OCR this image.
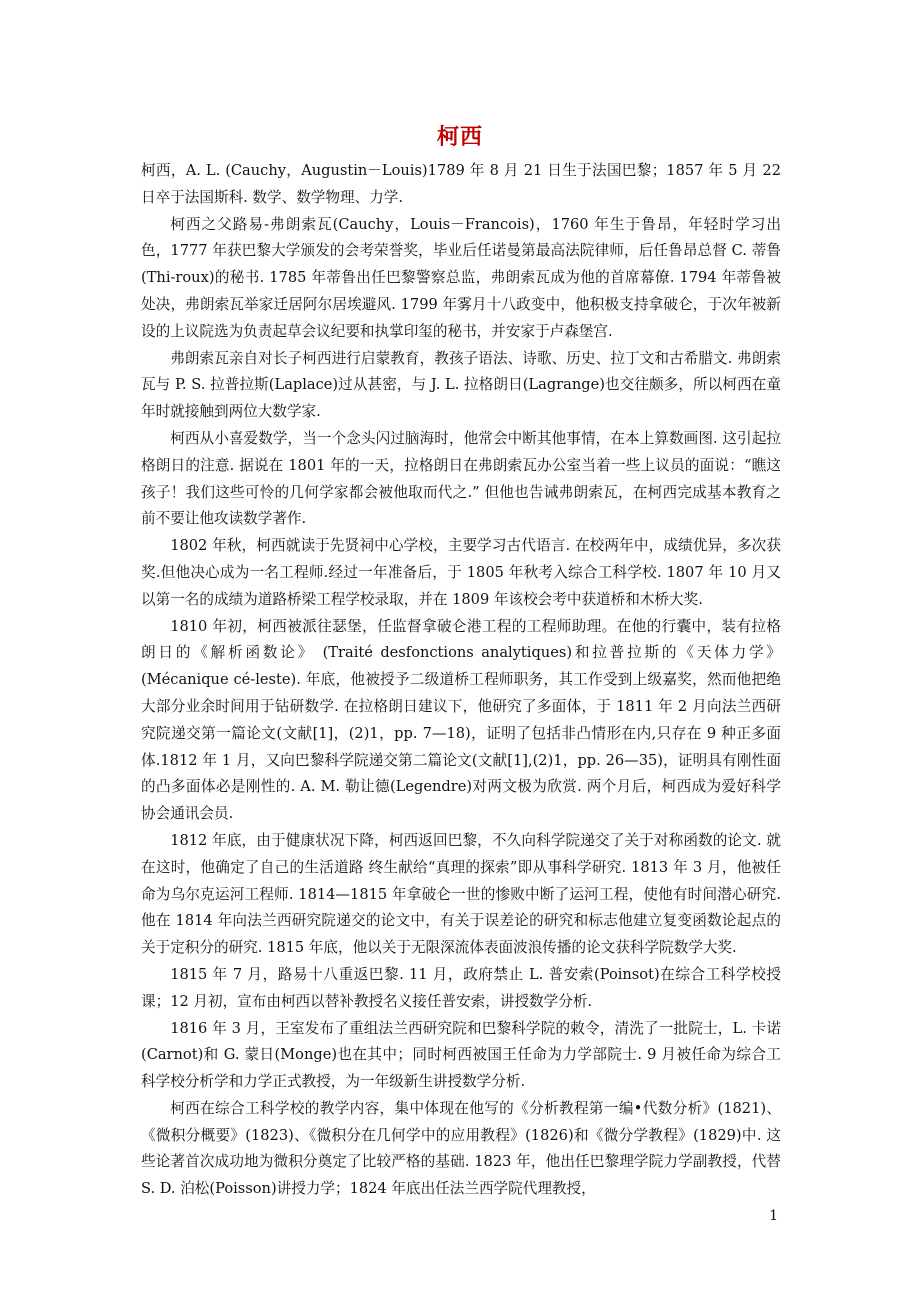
柯西

柯西，A. L. (Cauchy，Augustin－Louis)1789 年 8 月 21 日生于法国巴黎；1857 年 5 月 22 日卒于法国斯科. 数学、数学物理、力学.

柯西之父路易-弗朗索瓦(Cauchy，Louis－Francois)，1760 年生于鲁昂，年轻时学习出色，1777 年获巴黎大学颁发的会考荣誉奖，毕业后任诺曼第最高法院律师，后任鲁昂总督 C. 蒂鲁(Thi-roux)的秘书. 1785 年蒂鲁出任巴黎警察总监，弗朗索瓦成为他的首席幕僚. 1794 年蒂鲁被处决，弗朗索瓦举家迁居阿尔居埃避风. 1799 年雾月十八政变中，他积极支持拿破仑，于次年被新设的上议院选为负责起草会议纪要和执掌印玺的秘书，并安家于卢森堡宫.

弗朗索瓦亲自对长子柯西进行启蒙教育，教孩子语法、诗歌、历史、拉丁文和古希腊文. 弗朗索瓦与 P. S. 拉普拉斯(Laplace)过从甚密，与 J. L. 拉格朗日(Lagrange)也交往颇多，所以柯西在童年时就接触到两位大数学家.

柯西从小喜爱数学，当一个念头闪过脑海时，他常会中断其他事情，在本上算数画图. 这引起拉格朗日的注意. 据说在 1801 年的一天，拉格朗日在弗朗索瓦办公室当着一些上议员的面说：“瞧这孩子！我们这些可怜的几何学家都会被他取而代之.” 但他也告诫弗朗索瓦，在柯西完成基本教育之前不要让他攻读数学著作.

1802 年秋，柯西就读于先贤祠中心学校，主要学习古代语言. 在校两年中，成绩优异，多次获奖.但他决心成为一名工程师.经过一年准备后，于 1805 年秋考入综合工科学校. 1807 年 10 月又以第一名的成绩为道路桥梁工程学校录取，并在 1809 年该校会考中获道桥和木桥大奖.

1810 年初，柯西被派往瑟堡，任监督拿破仑港工程的工程师助理。在他的行囊中，装有拉格朗日的《解析函数论》 (Traité desfonctions analytiques)和拉普拉斯的《天体力学》(Mécanique cé-leste). 年底，他被授予二级道桥工程师职务，其工作受到上级嘉奖，然而他把绝大部分业余时间用于钻研数学. 在拉格朗日建议下，他研究了多面体，于 1811 年 2 月向法兰西研究院递交第一篇论文(文献[1]，(2)1，pp. 7—18)，证明了包括非凸情形在内,只存在 9 种正多面体.1812 年 1 月，又向巴黎科学院递交第二篇论文(文献[1],(2)1，pp. 26—35)，证明具有刚性面的凸多面体必是刚性的. A. M. 勒让德(Legendre)对两文极为欣赏. 两个月后，柯西成为爱好科学协会通讯会员.

1812 年底，由于健康状况下降，柯西返回巴黎，不久向科学院递交了关于对称函数的论文. 就在这时，他确定了自己的生活道路 终生献给“真理的探索”即从事科学研究. 1813 年 3 月，他被任命为乌尔克运河工程师. 1814—1815 年拿破仑一世的惨败中断了运河工程，使他有时间潜心研究. 他在 1814 年向法兰西研究院递交的论文中，有关于误差论的研究和标志他建立复变函数论起点的关于定积分的研究. 1815 年底，他以关于无限深流体表面波浪传播的论文获科学院数学大奖.

1815 年 7 月，路易十八重返巴黎. 11 月，政府禁止 L. 普安索(Poinsot)在综合工科学校授课；12 月初，宣布由柯西以替补教授名义接任普安索，讲授数学分析.

1816 年 3 月，王室发布了重组法兰西研究院和巴黎科学院的敕令，清洗了一批院士，L. 卡诺(Carnot)和 G. 蒙日(Monge)也在其中；同时柯西被国王任命为力学部院士. 9 月被任命为综合工科学校分析学和力学正式教授，为一年级新生讲授数学分析.

柯西在综合工科学校的教学内容，集中体现在他写的《分析教程第一编•代数分析》(1821)、《微积分概要》(1823)、《微积分在几何学中的应用教程》(1826)和《微分学教程》(1829)中. 这些论著首次成功地为微积分奠定了比较严格的基础. 1823 年，他出任巴黎理学院力学副教授，代替 S. D. 泊松(Poisson)讲授力学；1824 年底出任法兰西学院代理教授，

1
